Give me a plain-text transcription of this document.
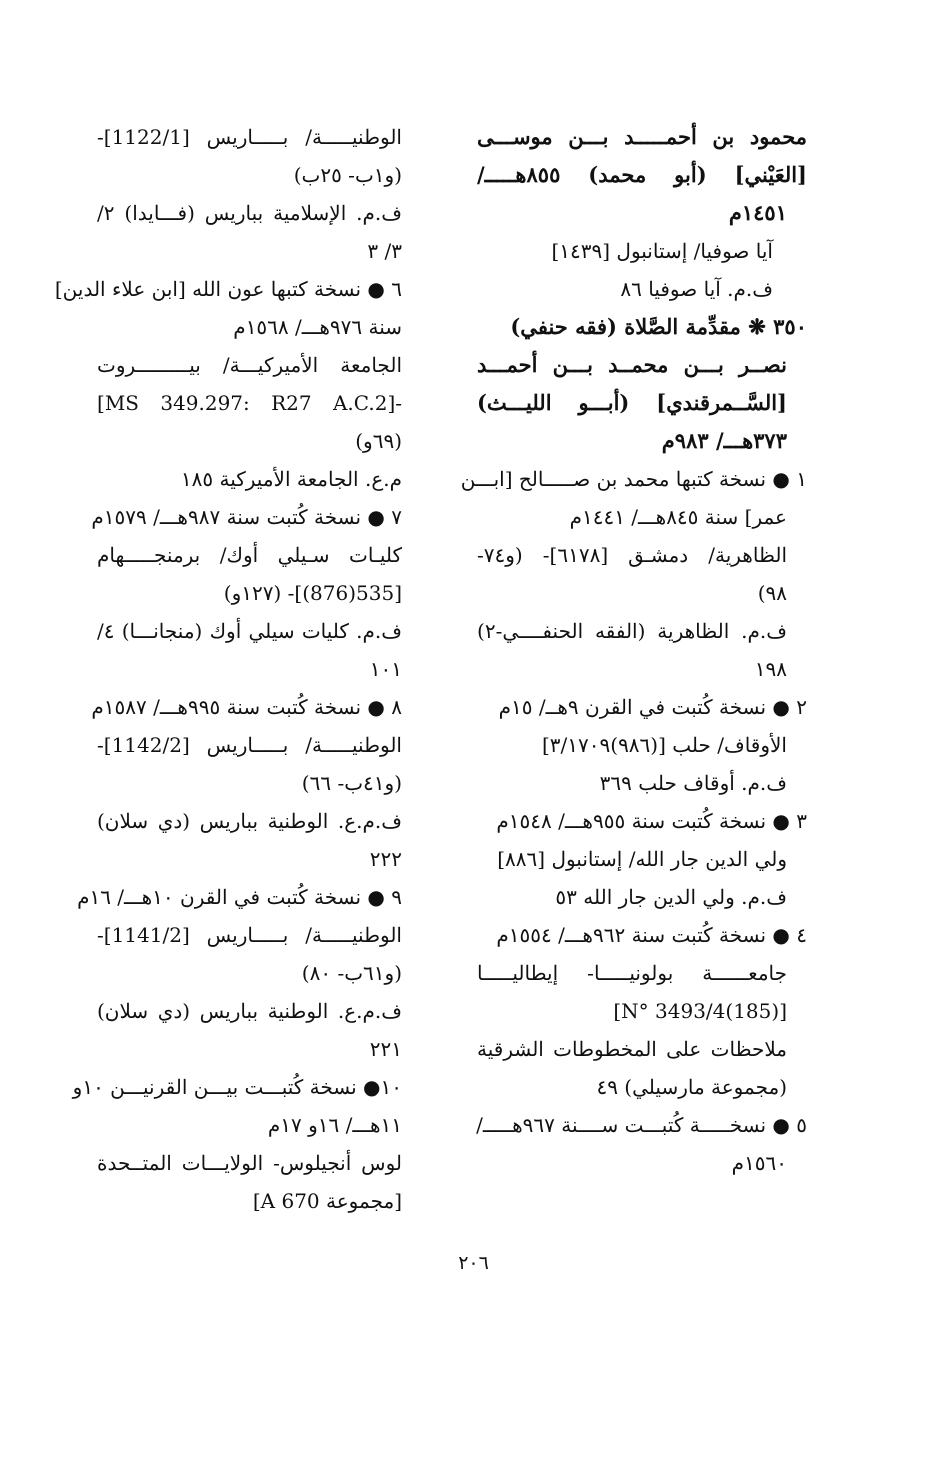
محمود بن أحمـــــد بـــن موســـى
[العَيْني] (أبو محمد) ٨٥٥هـــــ/
١٤٥١م
آيا صوفيا/ إستانبول [١٤٣٩]
ف.م. آيا صوفيا ٨٦
٣٥٠ ❋ مقدِّمة الصَّلاة (فقه حنفي)
نصــر بـــن محمــد بـــن أحمـــد
[السَّــمرقندي] (أبـــو الليـــث)
٣٧٣هـــ/ ٩٨٣م
١ ● نسخة كتبها محمد بن صـــــالح [ابـــن
عمر] سنة ٨٤٥هـــ/ ١٤٤١م
الظاهرية/ دمشـق [٦١٧٨]- (و٧٤-
٩٨)
ف.م. الظاهرية (الفقه الحنفــــي-٢)
١٩٨
٢ ● نسخة كُتبت في القرن ٩هــ/ ١٥م
الأوقاف/ حلب [(٩٨٦)٣/١٧٠٩]
ف.م. أوقاف حلب ٣٦٩
٣ ● نسخة كُتبت سنة ٩٥٥هـــ/ ١٥٤٨م
ولي الدين جار الله/ إستانبول [٨٨٦]
ف.م. ولي الدين جار الله ٥٣
٤ ● نسخة كُتبت سنة ٩٦٢هـــ/ ١٥٥٤م
جامعــــــة بولونيـــــا- إيطاليـــــا
[(185)N° 3493/4]
ملاحظات على المخطوطات الشرقية
(مجموعة مارسيلي) ٤٩
٥ ● نسخـــــة كُتبـــت ســــنة ٩٦٧هـــــ/
١٥٦٠م
الوطنيـــــة/ بـــــاريس [1122/1]-
(و١ب- ٢٥ب)
ف.م. الإسلامية بباريس (فـــايدا) ٢/
٣/ ٣
٦ ● نسخة كتبها عون الله [ابن علاء الدين]
سنة ٩٧٦هـــ/ ١٥٦٨م
الجامعة الأميركيـــة/ بيـــــــــروت
-[MS 349.297: R27 A.C.2]
(٦٩و)
م.ع. الجامعة الأميركية ١٨٥
٧ ● نسخة كُتبت سنة ٩٨٧هـــ/ ١٥٧٩م
كليـات سـيلي أوك/ برمنجـــــهام
[535(876)]- (١٢٧و)
ف.م. كليات سيلي أوك (منجانـــا) ٤/
١٠١
٨ ● نسخة كُتبت سنة ٩٩٥هـــ/ ١٥٨٧م
الوطنيـــــة/ بـــــاريس [1142/2]-
(و٤١ب- ٦٦)
ف.م.ع. الوطنية بباريس (دي سلان)
٢٢٢
٩ ● نسخة كُتبت في القرن ١٠هـــ/ ١٦م
الوطنيـــــة/ بـــــاريس [1141/2]-
(و٦١ب- ٨٠)
ف.م.ع. الوطنية بباريس (دي سلان)
٢٢١
١٠● نسخة كُتبـــت بيـــن القرنيـــن ١٠و
١١هـــ/ ١٦و ١٧م
لوس أنجيلوس- الولايـــات المتــحدة
[مجموعة A 670]
٢٠٦
